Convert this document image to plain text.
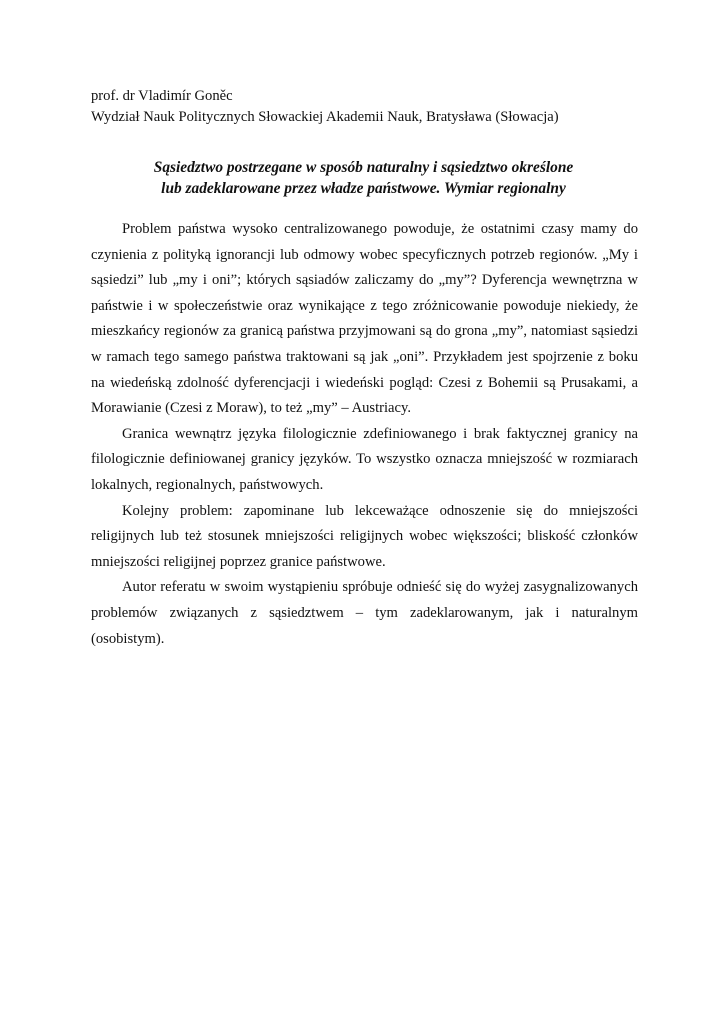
prof. dr Vladimír Goněc

Wydział Nauk Politycznych Słowackiej Akademii Nauk, Bratysława (Słowacja)

Sąsiedztwo postrzegane w sposób naturalny i sąsiedztwo określone

lub zadeklarowane przez władze państwowe. Wymiar regionalny

Problem państwa wysoko centralizowanego powoduje, że ostatnimi czasy mamy do czynienia z polityką ignorancji lub odmowy wobec specyficznych potrzeb regionów. „My i sąsiedzi” lub „my i oni”; których sąsiadów zaliczamy do „my”? Dyferencja wewnętrzna w państwie i w społeczeństwie oraz wynikające z tego zróżnicowanie powoduje niekiedy, że mieszkańcy regionów za granicą państwa przyjmowani są do grona „my”, natomiast sąsiedzi w ramach tego samego państwa traktowani są jak „oni”. Przykładem jest spojrzenie z boku na wiedeńską zdolność dyferencjacji i wiedeński pogląd: Czesi z Bohemii są Prusakami, a Morawianie (Czesi z Moraw), to też „my” – Austriacy.

Granica wewnątrz języka filologicznie zdefiniowanego i brak faktycznej granicy na filologicznie definiowanej granicy języków. To wszystko oznacza mniejszość w rozmiarach lokalnych, regionalnych, państwowych.

Kolejny problem: zapominane lub lekceważące odnoszenie się do mniejszości religijnych lub też stosunek mniejszości religijnych wobec większości; bliskość członków mniejszości religijnej poprzez granice państwowe.

Autor referatu w swoim wystąpieniu spróbuje odnieść się do wyżej zasygnalizowanych problemów związanych z sąsiedztwem – tym zadeklarowanym, jak i naturalnym (osobistym).
